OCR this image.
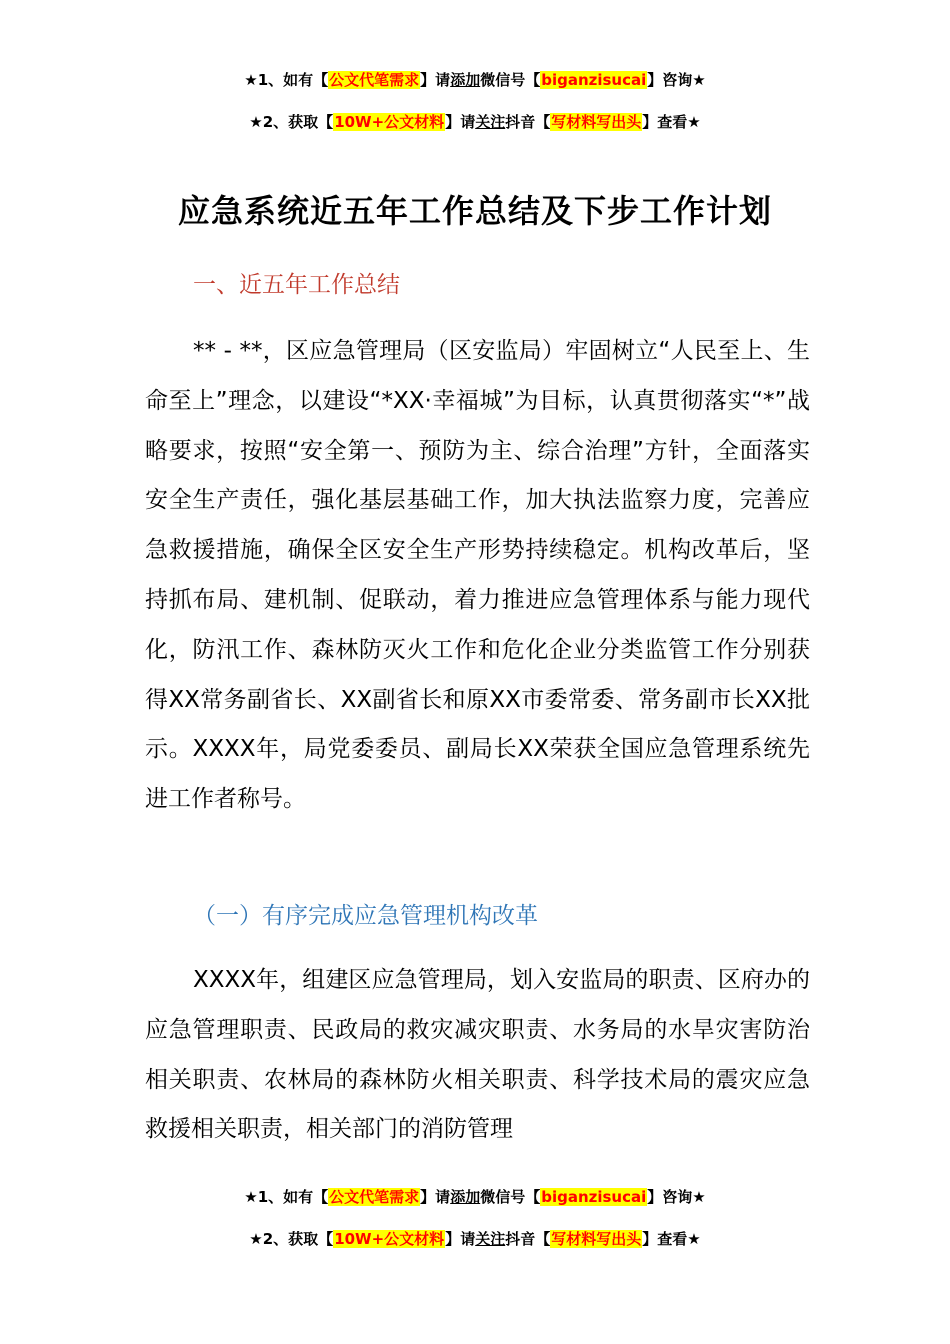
★1、如有【公文代笔需求】请添加微信号【biganzisucai】咨询★
★2、获取【10W+公文材料】请关注抖音【写材料写出头】查看★
应急系统近五年工作总结及下步工作计划
一、近五年工作总结

** - **，区应急管理局（区安监局）牢固树立“人民至上、生命至上”理念，以建设“*XX·幸福城”为目标，认真贯彻落实“*”战略要求，按照“安全第一、预防为主、综合治理”方针，全面落实安全生产责任，强化基层基础工作，加大执法监察力度，完善应急救援措施，确保全区安全生产形势持续稳定。机构改革后，坚持抓布局、建机制、促联动，着力推进应急管理体系与能力现代化，防汛工作、森林防灭火工作和危化企业分类监管工作分别获得XX常务副省长、XX副省长和原XX市委常委、常务副市长XX批示。XXXX年，局党委委员、副局长XX荣获全国应急管理系统先进工作者称号。

（一）有序完成应急管理机构改革

XXXX年，组建区应急管理局，划入安监局的职责、区府办的应急管理职责、民政局的救灾减灾职责、水务局的水旱灾害防治相关职责、农林局的森林防火相关职责、科学技术局的震灾应急救援相关职责，相关部门的消防管理

★1、如有【公文代笔需求】请添加微信号【biganzisucai】咨询★
★2、获取【10W+公文材料】请关注抖音【写材料写出头】查看★
